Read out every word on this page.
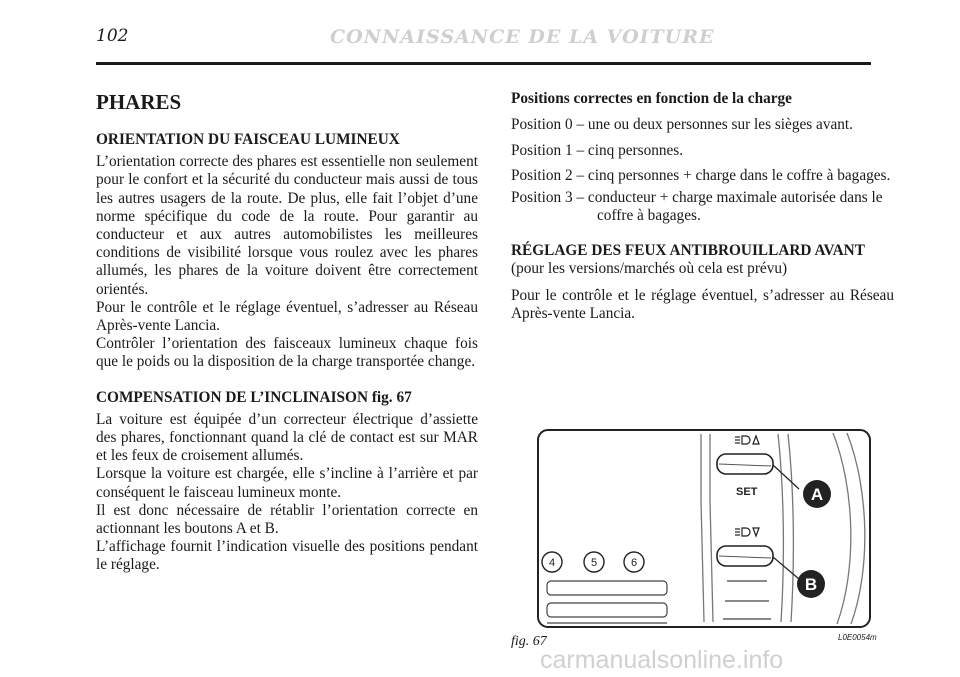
102	CONNAISSANCE DE LA VOITURE
PHARES
ORIENTATION DU FAISCEAU LUMINEUX

L’orientation correcte des phares est essentielle non seulement pour le confort et la sécurité du conducteur mais aussi de tous les autres usagers de la route. De plus, elle fait l’objet d’une norme spécifique du code de la route. Pour garantir au conducteur et aux autres automobilistes les meilleures conditions de visibilité lorsque vous roulez avec les phares allumés, les phares de la voiture doivent être correctement orientés.

Pour le contrôle et le réglage éventuel, s’adresser au Réseau Après-vente Lancia.

Contrôler l’orientation des faisceaux lumineux chaque fois que le poids ou la disposition de la charge transportée change.

COMPENSATION DE L’INCLINAISON fig. 67

La voiture est équipée d’un correcteur électrique d’assiette des phares, fonctionnant quand la clé de contact est sur MAR et les feux de croisement allumés.

Lorsque la voiture est chargée, elle s’incline à l’arrière et par conséquent le faisceau lumineux monte.

Il est donc nécessaire de rétablir l’orientation correcte en actionnant les boutons A et B.

L’affichage fournit l’indication visuelle des positions pendant le réglage.

Positions correctes en fonction de la charge

Position 0 – une ou deux personnes sur les sièges avant.

Position 1 – cinq personnes.

Position 2 – cinq personnes + charge dans le coffre à bagages.

Position 3 – conducteur + charge maximale autorisée dans le coffre à bagages.

RÉGLAGE DES FEUX ANTIBROUILLARD AVANT

(pour les versions/marchés où cela est prévu)

Pour le contrôle et le réglage éventuel, s’adresser au Réseau Après-vente Lancia.

SET	A
B
4	5	6
fig. 67	L0E0054m
carmanualsonline.info
